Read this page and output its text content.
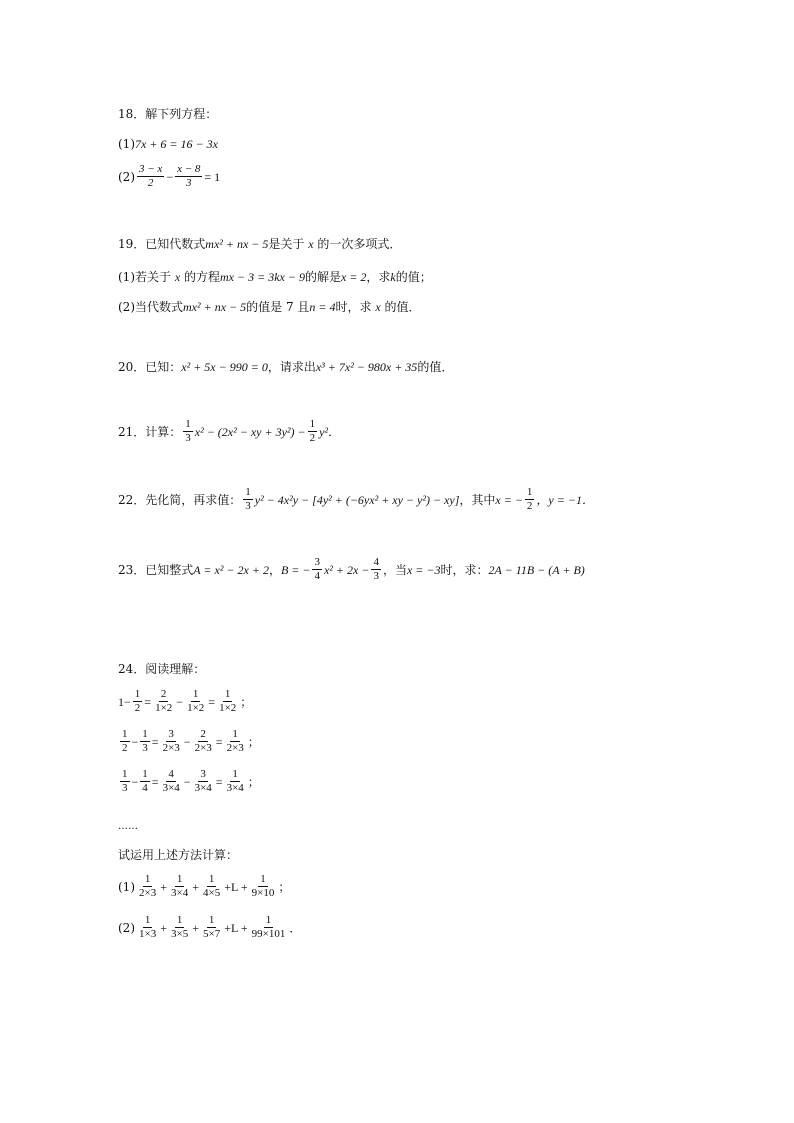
18．解下列方程：
(1) 7x + 6 = 16 − 3x
$(2) \frac{3 - x}{2} - \frac{x - 8}{3} = 1$
19．已知代数式mx² + nx − 5是关于 x 的一次多项式．
(1)若关于 x 的方程mx − 3 = 3kx − 9的解是x = 2，求k的值；
(2)当代数式mx² + nx − 5的值是 7 且n = 4时，求 x 的值．
20．已知：x² + 5x − 990 = 0，请求出x³ + 7x² − 980x + 35的值．
21．计算： $\frac{1}{3} x^2 - (2x^2$ − xy + $3y^2) - \frac{1}{2} y^2$．
22．先化简，再求值： $\frac{1}{3} y^2 - 4x^2y - [4y^2 + (-6yx^2$ + xy − y²) − xy] ，其中 x = − $\frac{1}{2}$ ，y = −1．
23．已知整式 A = x² − 2x + 2 ， B = − $\frac{3}{4} x^2 + 2x - \frac{4}{3}$ ，当 x = −3 时，求： 2A − 11B − (A + B)
24．阅读理解：
$1- \frac{1}{2} = \frac{2}{1\times 2} - \frac{1}{1\times 2} = \frac{1}{1\times 2}$ ；
$\frac{1}{2} - \frac{1}{3} = \frac{3}{2\times 3} - \frac{2}{2\times 3} = \frac{1}{2\times 3}$ ；
$\frac{1}{3} - \frac{1}{4} = \frac{4}{3\times 4} - \frac{3}{3\times 4} = \frac{1}{3\times 4}$ ；
……
试运用上述方法计算：
$(1) \frac{1}{2\times 3} + \frac{1}{3\times 4} + \frac{1}{4\times 5} +L + \frac{1}{9\times 10}$ ；
$(2) \frac{1}{1\times 3} + \frac{1}{3\times 5} + \frac{1}{5\times 7} +L + \frac{1}{99\times 101}$ ．
